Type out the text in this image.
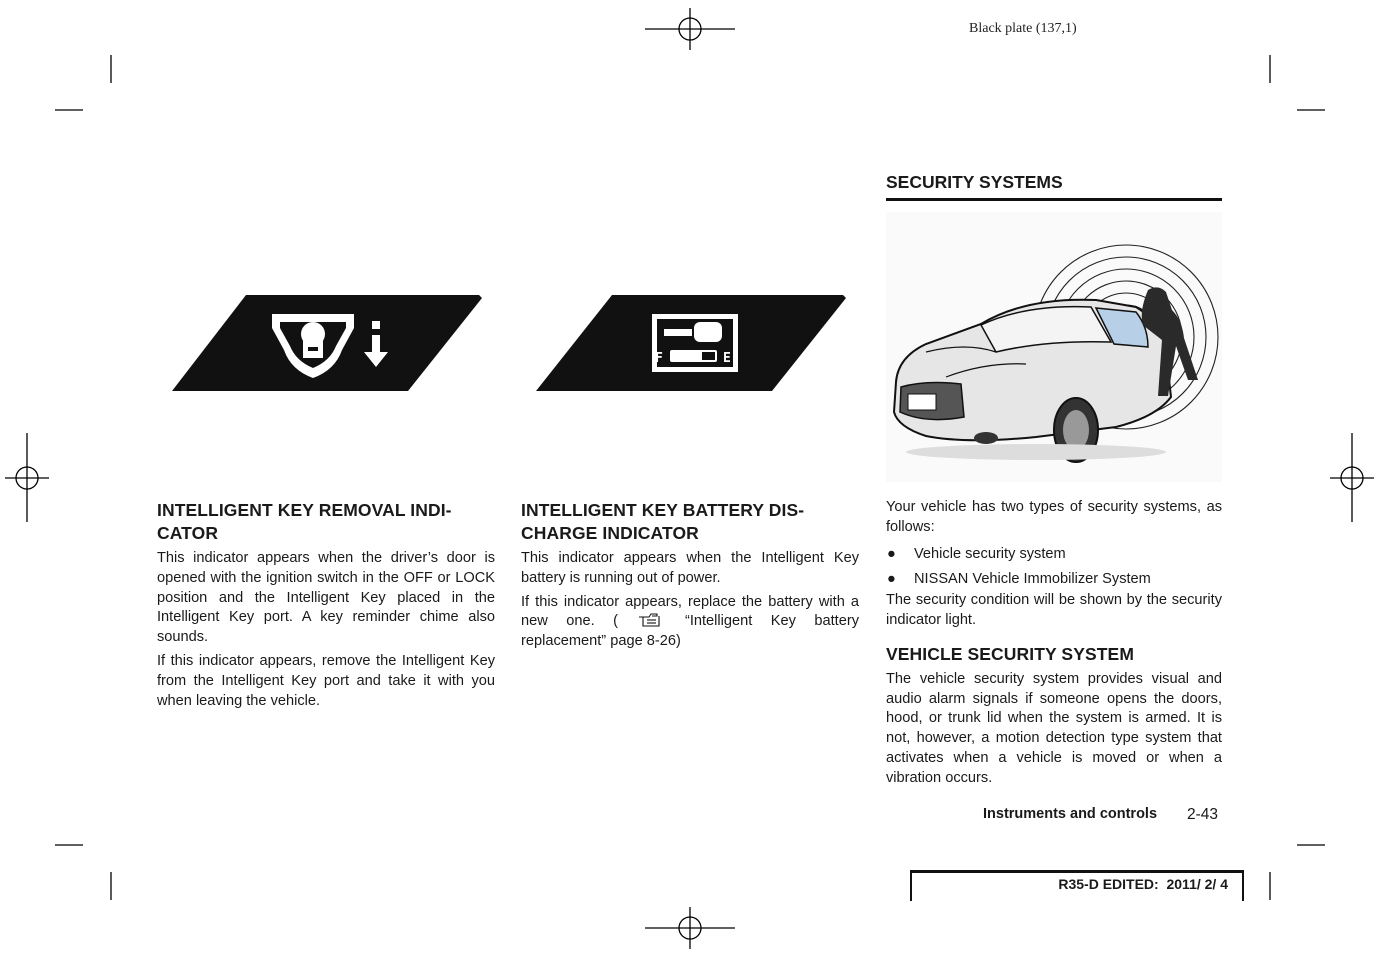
Black plate (137,1)
F	E
INTELLIGENT KEY REMOVAL INDI-
CATOR
This indicator appears when the driver’s door is opened with the ignition switch in the OFF or LOCK position and the Intelligent Key placed in the Intelligent Key port. A key reminder chime also sounds.
If this indicator appears, remove the Intelligent Key from the Intelligent Key port and take it with you when leaving the vehicle.
INTELLIGENT KEY BATTERY DIS-
CHARGE INDICATOR
This indicator appears when the Intelligent Key battery is running out of power.
If this indicator appears, replace the battery with a new one. (	“Intelligent Key battery replacement” page 8-26)
SECURITY SYSTEMS
Your vehicle has two types of security systems, as follows:
●	Vehicle security system
●	NISSAN Vehicle Immobilizer System
The security condition will be shown by the security indicator light.
VEHICLE SECURITY SYSTEM
The vehicle security system provides visual and audio alarm signals if someone opens the doors, hood, or trunk lid when the system is armed. It is not, however, a motion detection type system that activates when a vehicle is moved or when a vibration occurs.
Instruments and controls 2-43
R35-D EDITED:  2011/ 2/ 4
